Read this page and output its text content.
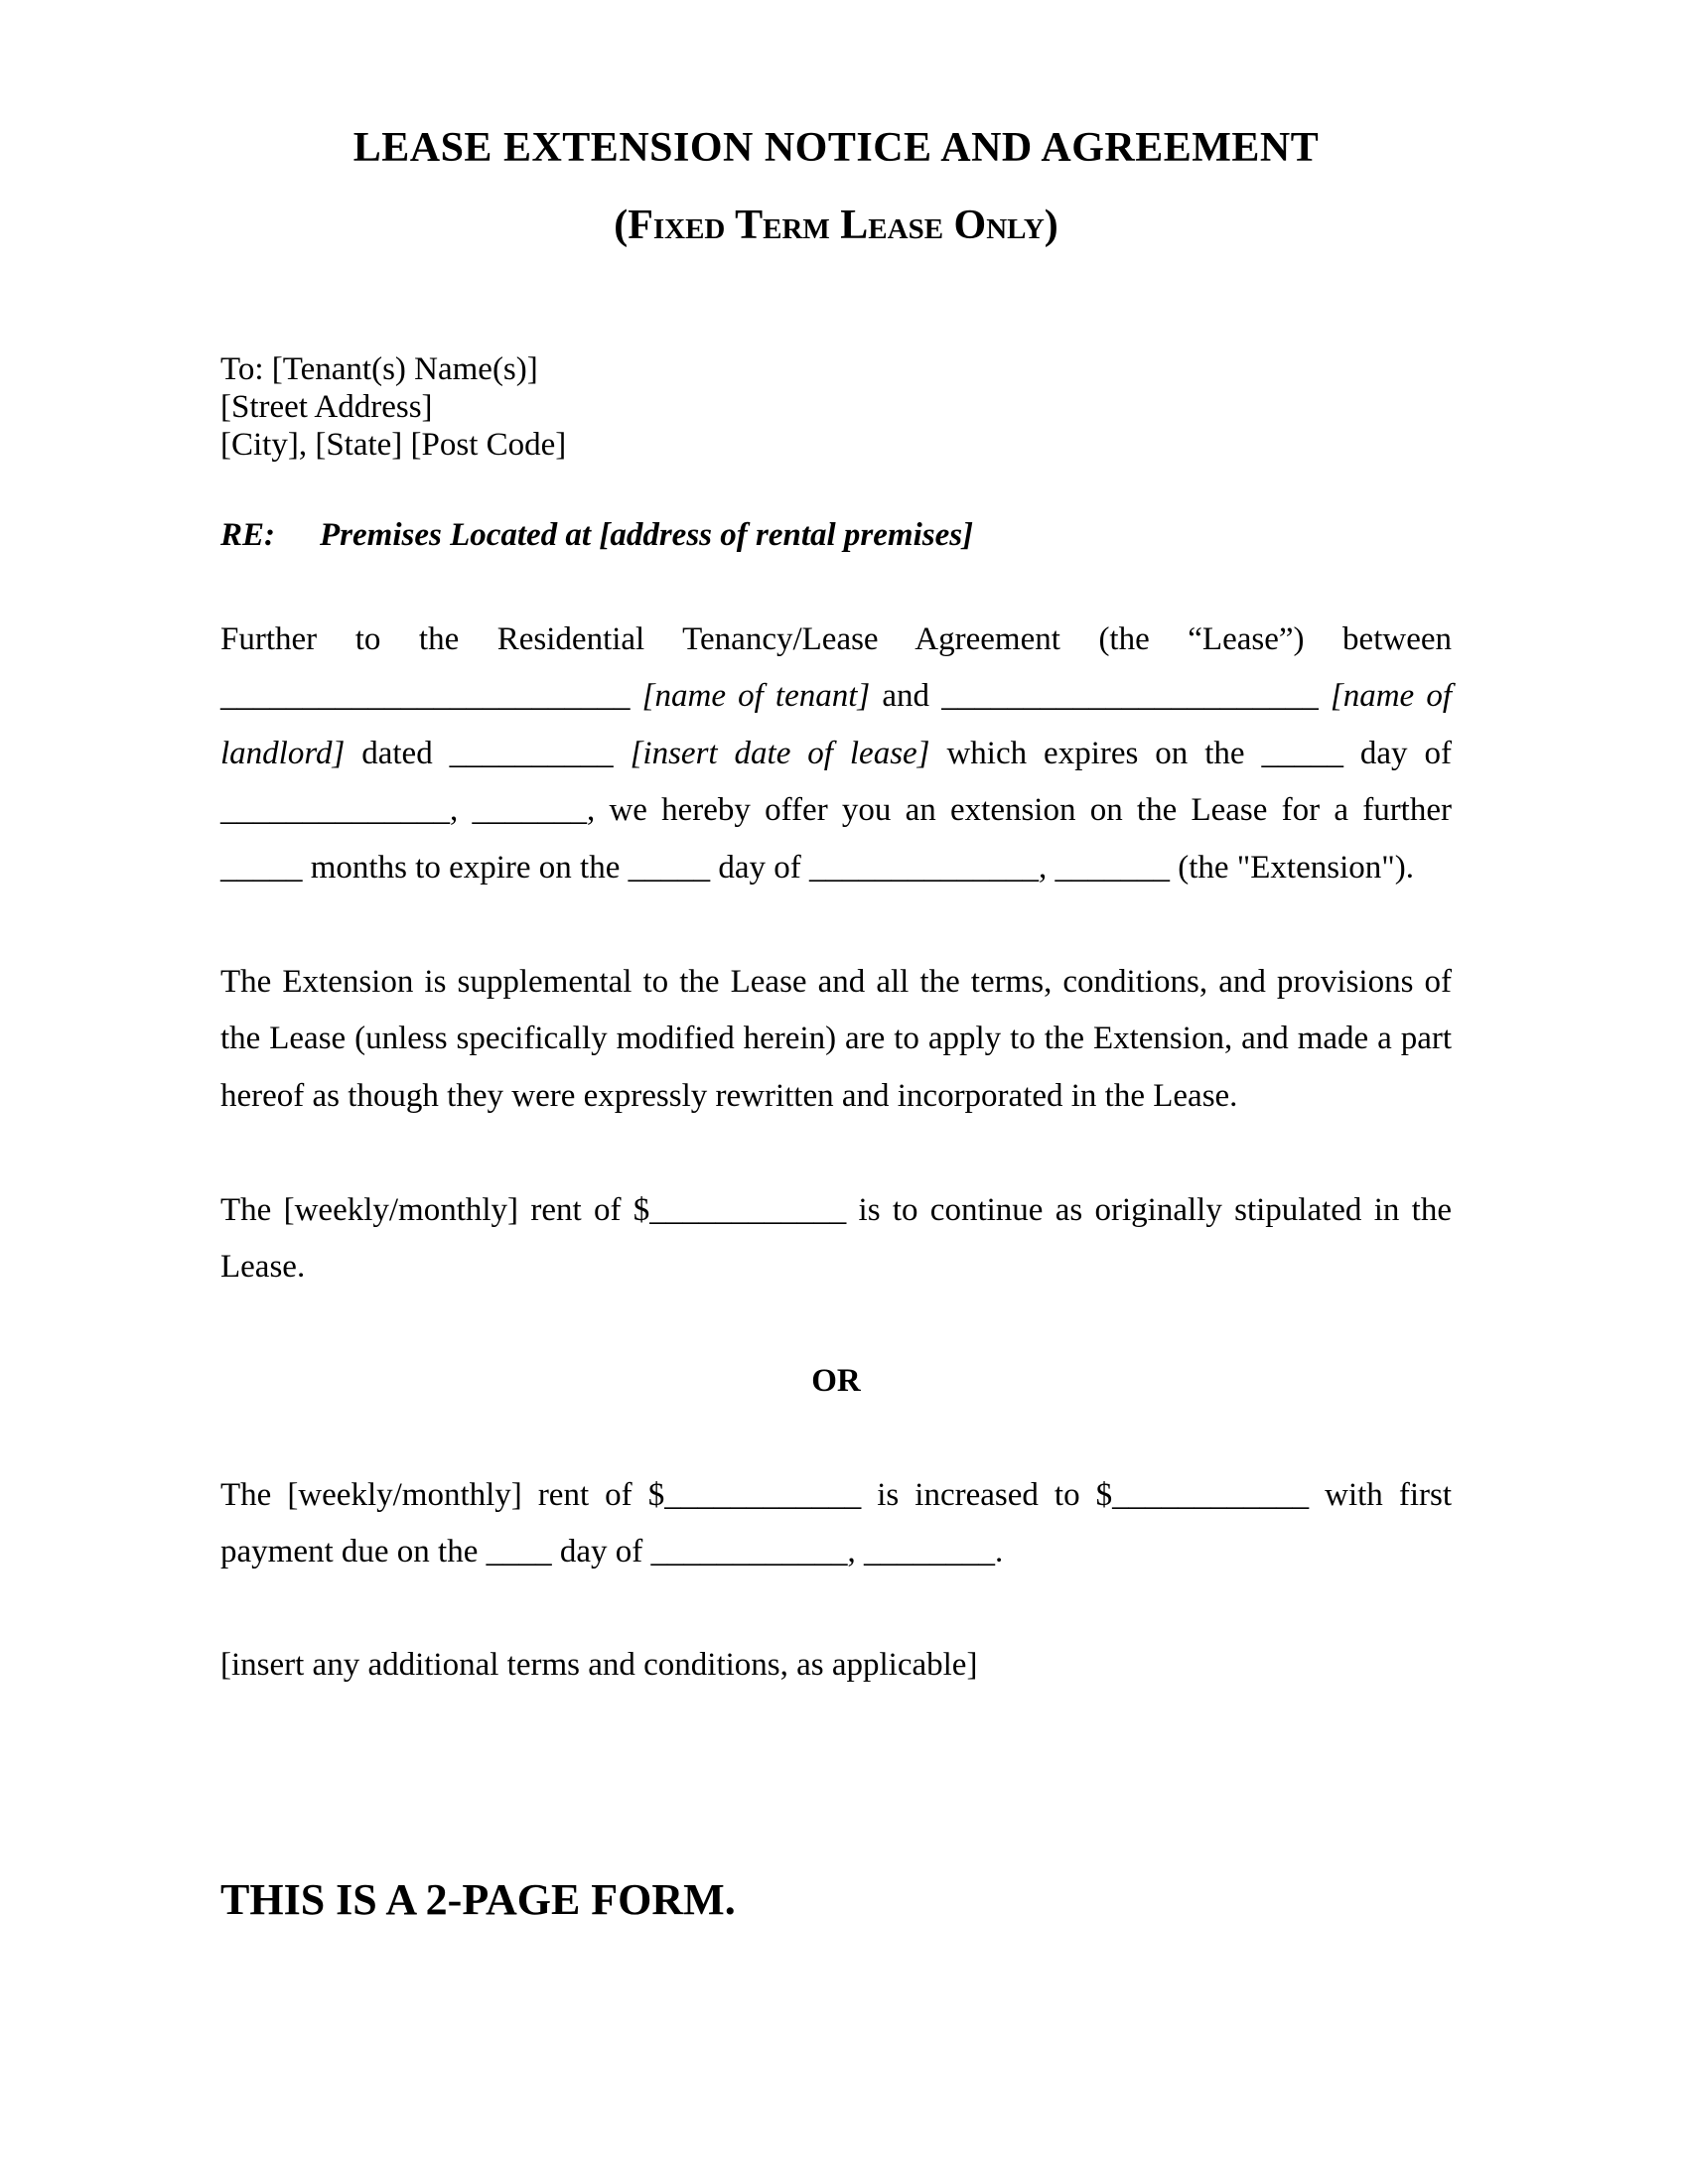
LEASE EXTENSION NOTICE AND AGREEMENT
(Fixed Term Lease Only)
To: [Tenant(s) Name(s)]
[Street Address]
[City], [State] [Post Code]
RE: Premises Located at [address of rental premises]

Further to the Residential Tenancy/Lease Agreement (the “Lease”) between _________________________ [name of tenant] and _______________________ [name of landlord] dated __________ [insert date of lease] which expires on the _____ day of ______________, _______, we hereby offer you an extension on the Lease for a further _____ months to expire on the _____ day of ______________, _______ (the "Extension").

The Extension is supplemental to the Lease and all the terms, conditions, and provisions of the Lease (unless specifically modified herein) are to apply to the Extension, and made a part hereof as though they were expressly rewritten and incorporated in the Lease.

The [weekly/monthly] rent of $____________ is to continue as originally stipulated in the Lease.

OR

The [weekly/monthly] rent of $____________ is increased to $____________ with first payment due on the ____ day of ____________, ________.

[insert any additional terms and conditions, as applicable]

THIS IS A 2-PAGE FORM.
